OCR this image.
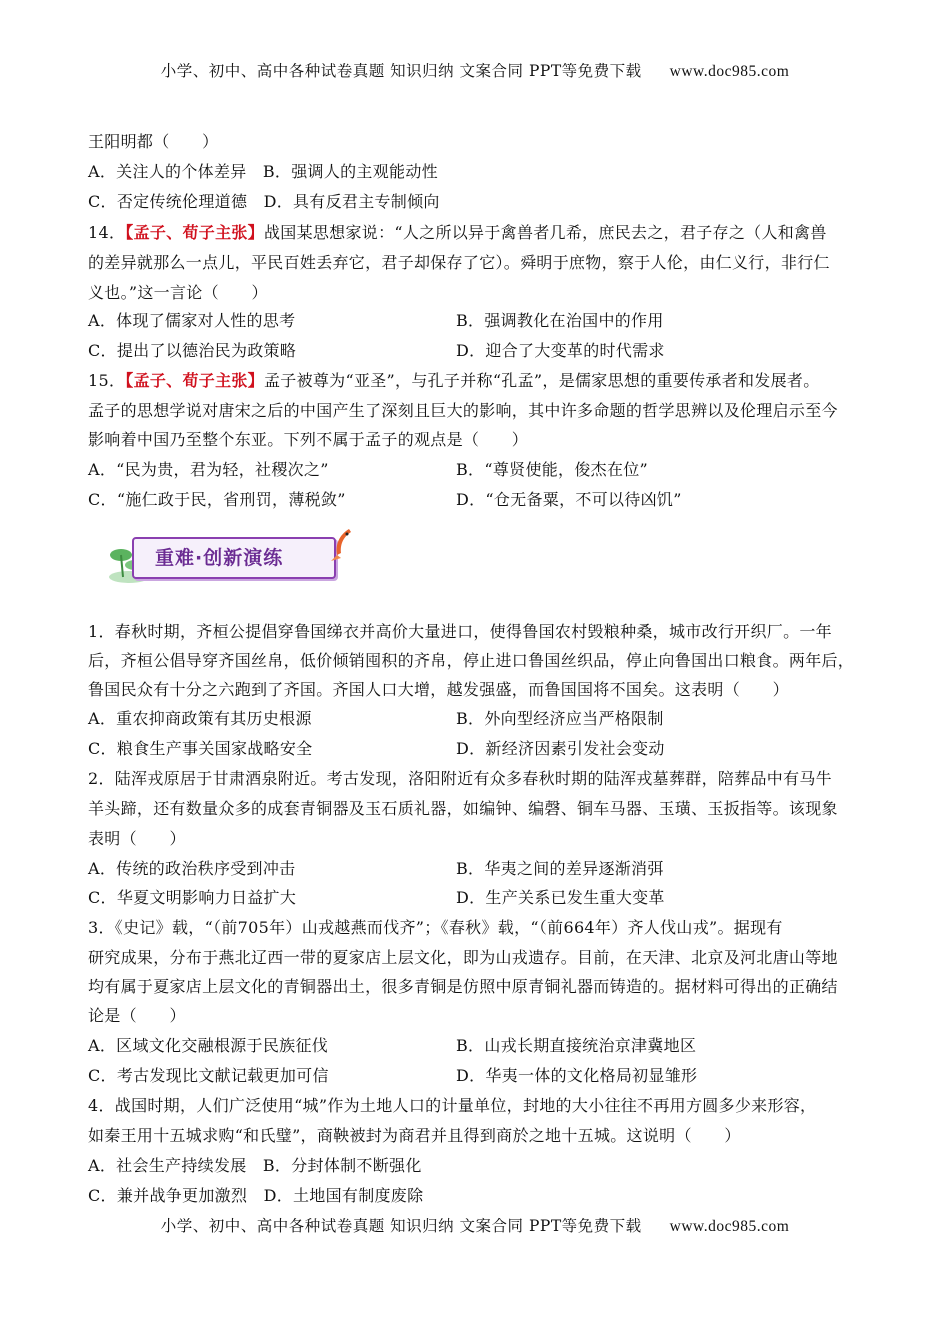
小学、初中、高中各种试卷真题 知识归纳 文案合同 PPT等免费下载 www.doc985.com
王阳明都（　　）
A．关注人的个体差异　 B．强调人的主观能动性
C．否定传统伦理道德　 D．具有反君主专制倾向
14．【孟子、荀子主张】战国某思想家说：“人之所以异于禽兽者几希，庶民去之，君子存之（人和禽兽
的差异就那么一点儿，平民百姓丢弃它，君子却保存了它）。舜明于庶物，察于人伦，由仁义行，非行仁
义也。”这一言论（　　）
A．体现了儒家对人性的思考	B．强调教化在治国中的作用
C．提出了以德治民为政策略	D．迎合了大变革的时代需求
15．【孟子、荀子主张】孟子被尊为“亚圣”，与孔子并称“孔孟”，是儒家思想的重要传承者和发展者。
孟子的思想学说对唐宋之后的中国产生了深刻且巨大的影响，其中许多命题的哲学思辨以及伦理启示至今
影响着中国乃至整个东亚。下列不属于孟子的观点是（　　）
A．“民为贵，君为轻，社稷次之”	B．“尊贤使能，俊杰在位”
C．“施仁政于民，省刑罚，薄税敛”	D．“仓无备粟，不可以待凶饥”
重难·创新演练
1．春秋时期，齐桓公提倡穿鲁国绨衣并高价大量进口，使得鲁国农村毁粮种桑，城市改行开织厂。一年
后，齐桓公倡导穿齐国丝帛，低价倾销囤积的齐帛，停止进口鲁国丝织品，停止向鲁国出口粮食。两年后，
鲁国民众有十分之六跑到了齐国。齐国人口大增，越发强盛，而鲁国国将不国矣。这表明（　　）
A．重农抑商政策有其历史根源	B．外向型经济应当严格限制
C．粮食生产事关国家战略安全	D．新经济因素引发社会变动
2．陆浑戎原居于甘肃酒泉附近。考古发现，洛阳附近有众多春秋时期的陆浑戎墓葬群，陪葬品中有马牛
羊头蹄，还有数量众多的成套青铜器及玉石质礼器，如编钟、编磬、铜车马器、玉璜、玉扳指等。该现象
表明（　　）
A．传统的政治秩序受到冲击	B．华夷之间的差异逐渐消弭
C．华夏文明影响力日益扩大	D．生产关系已发生重大变革
3．《史记》载，“（前705年）山戎越燕而伐齐”；《春秋》载，“（前664年）齐人伐山戎”。据现有
研究成果，分布于燕北辽西一带的夏家店上层文化，即为山戎遗存。目前，在天津、北京及河北唐山等地
均有属于夏家店上层文化的青铜器出土，很多青铜是仿照中原青铜礼器而铸造的。据材料可得出的正确结
论是（　　）
A．区域文化交融根源于民族征伐	B．山戎长期直接统治京津冀地区
C．考古发现比文献记载更加可信	D．华夷一体的文化格局初显雏形
4．战国时期，人们广泛使用“城”作为土地人口的计量单位，封地的大小往往不再用方圆多少来形容，
如秦王用十五城求购“和氏璧”，商鞅被封为商君并且得到商於之地十五城。这说明（　　）
A．社会生产持续发展　 B．分封体制不断强化
C．兼并战争更加激烈　 D．土地国有制度废除
小学、初中、高中各种试卷真题 知识归纳 文案合同 PPT等免费下载 www.doc985.com
